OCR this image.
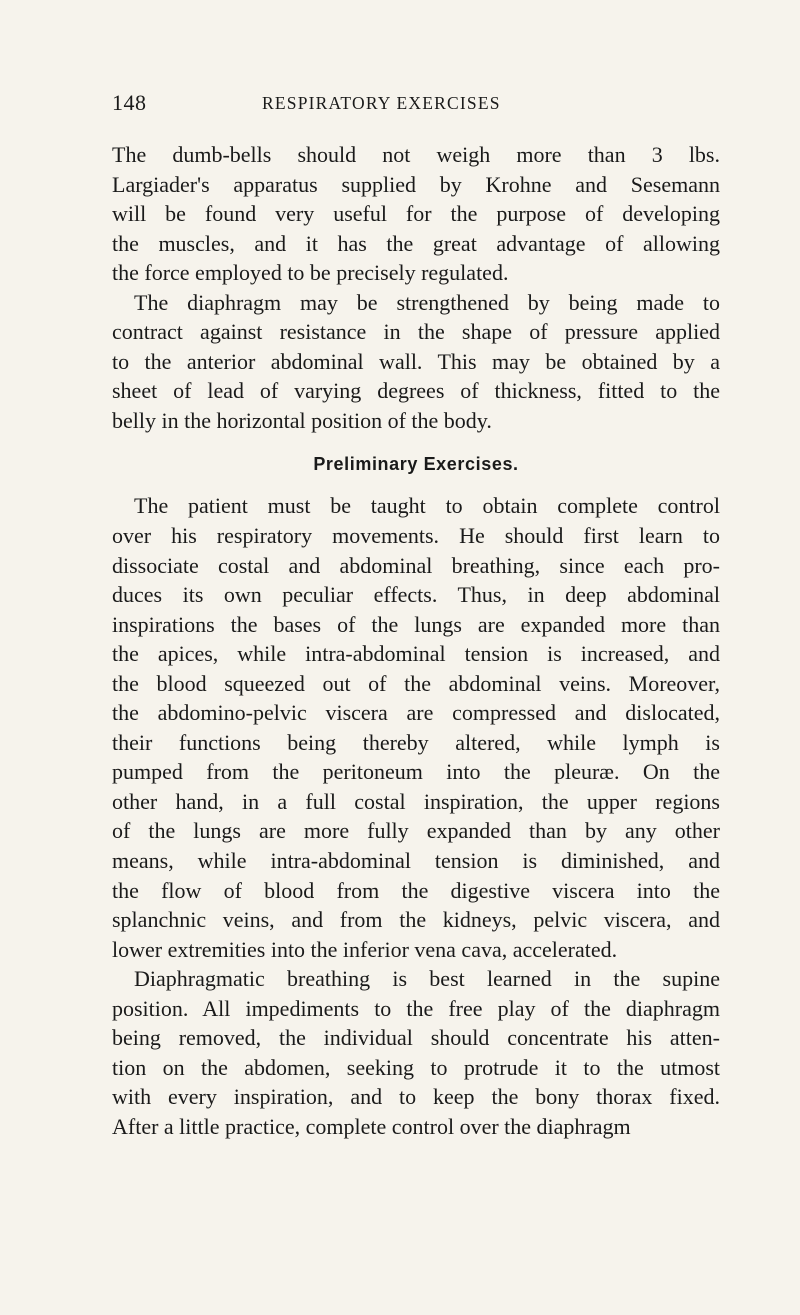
148	RESPIRATORY EXERCISES
The dumb-bells should not weigh more than 3 lbs.
Largiader's apparatus supplied by Krohne and Sesemann
will be found very useful for the purpose of developing
the muscles, and it has the great advantage of allowing
the force employed to be precisely regulated.
The diaphragm may be strengthened by being made to
contract against resistance in the shape of pressure applied
to the anterior abdominal wall. This may be obtained by a
sheet of lead of varying degrees of thickness, fitted to the
belly in the horizontal position of the body.
Preliminary Exercises.
The patient must be taught to obtain complete control
over his respiratory movements. He should first learn to
dissociate costal and abdominal breathing, since each pro-
duces its own peculiar effects. Thus, in deep abdominal
inspirations the bases of the lungs are expanded more than
the apices, while intra-abdominal tension is increased, and
the blood squeezed out of the abdominal veins. Moreover,
the abdomino-pelvic viscera are compressed and dislocated,
their functions being thereby altered, while lymph is
pumped from the peritoneum into the pleuræ. On the
other hand, in a full costal inspiration, the upper regions
of the lungs are more fully expanded than by any other
means, while intra-abdominal tension is diminished, and
the flow of blood from the digestive viscera into the
splanchnic veins, and from the kidneys, pelvic viscera, and
lower extremities into the inferior vena cava, accelerated.
Diaphragmatic breathing is best learned in the supine
position. All impediments to the free play of the diaphragm
being removed, the individual should concentrate his atten-
tion on the abdomen, seeking to protrude it to the utmost
with every inspiration, and to keep the bony thorax fixed.
After a little practice, complete control over the diaphragm
